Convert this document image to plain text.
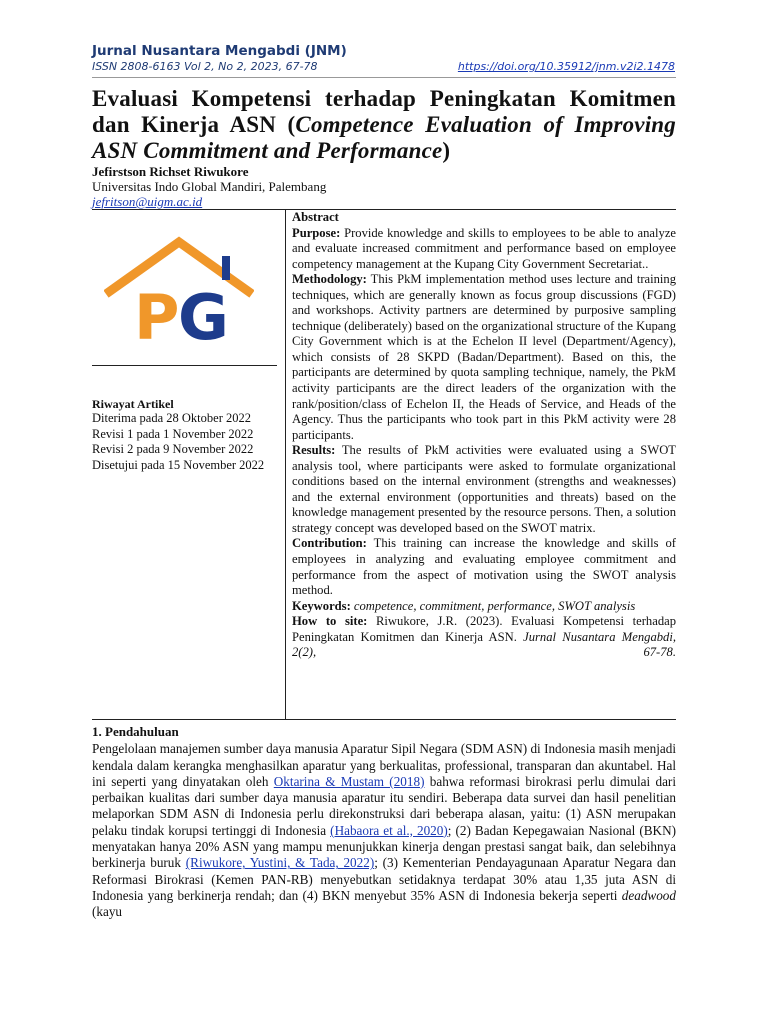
Jurnal Nusantara Mengabdi (JNM)
ISSN 2808-6163 Vol 2, No 2, 2023, 67-78	https://doi.org/10.35912/jnm.v2i2.1478
Evaluasi Kompetensi terhadap Peningkatan Komitmen dan Kinerja ASN (Competence Evaluation of Improving ASN Commitment and Performance)
Jefirstson Richset Riwukore
Universitas Indo Global Mandiri, Palembang
jefritson@uigm.ac.id
P
G
Riwayat Artikel
Diterima pada 28 Oktober 2022
Revisi 1 pada 1 November 2022
Revisi 2 pada 9 November 2022
Disetujui pada 15 November 2022

Abstract

Purpose: Provide knowledge and skills to employees to be able to analyze and evaluate increased commitment and performance based on employee competency management at the Kupang City Government Secretariat..

Methodology: This PkM implementation method uses lecture and training techniques, which are generally known as focus group discussions (FGD) and workshops. Activity partners are determined by purposive sampling technique (deliberately) based on the organizational structure of the Kupang City Government which is at the Echelon II level (Department/Agency), which consists of 28 SKPD (Badan/Department). Based on this, the participants are determined by quota sampling technique, namely, the PkM activity participants are the direct leaders of the organization with the rank/position/class of Echelon II, the Heads of Service, and Heads of the Agency. Thus the participants who took part in this PkM activity were 28 participants.

Results: The results of PkM activities were evaluated using a SWOT analysis tool, where participants were asked to formulate organizational conditions based on the internal environment (strengths and weaknesses) and the external environment (opportunities and threats) based on the knowledge management presented by the resource persons. Then, a solution strategy concept was developed based on the SWOT matrix.

Contribution: This training can increase the knowledge and skills of employees in analyzing and evaluating employee commitment and performance from the aspect of motivation using the SWOT analysis method.

Keywords: competence, commitment, performance, SWOT analysis

How to site: Riwukore, J.R. (2023). Evaluasi Kompetensi terhadap Peningkatan Komitmen dan Kinerja ASN. Jurnal Nusantara Mengabdi, 2(2), 67-78.

1. Pendahuluan

Pengelolaan manajemen sumber daya manusia Aparatur Sipil Negara (SDM ASN) di Indonesia masih menjadi kendala dalam kerangka menghasilkan aparatur yang berkualitas, professional, transparan dan akuntabel. Hal ini seperti yang dinyatakan oleh Oktarina & Mustam (2018) bahwa reformasi birokrasi perlu dimulai dari perbaikan kualitas dari sumber daya manusia aparatur itu sendiri. Beberapa data survei dan hasil penelitian melaporkan SDM ASN di Indonesia perlu direkonstruksi dari beberapa alasan, yaitu: (1) ASN merupakan pelaku tindak korupsi tertinggi di Indonesia (Habaora et al., 2020); (2) Badan Kepegawaian Nasional (BKN) menyatakan hanya 20% ASN yang mampu menunjukkan kinerja dengan prestasi sangat baik, dan selebihnya berkinerja buruk (Riwukore, Yustini, & Tada, 2022); (3) Kementerian Pendayagunaan Aparatur Negara dan Reformasi Birokrasi (Kemen PAN-RB) menyebutkan setidaknya terdapat 30% atau 1,35 juta ASN di Indonesia yang berkinerja rendah; dan (4) BKN menyebut 35% ASN di Indonesia bekerja seperti deadwood (kayu
